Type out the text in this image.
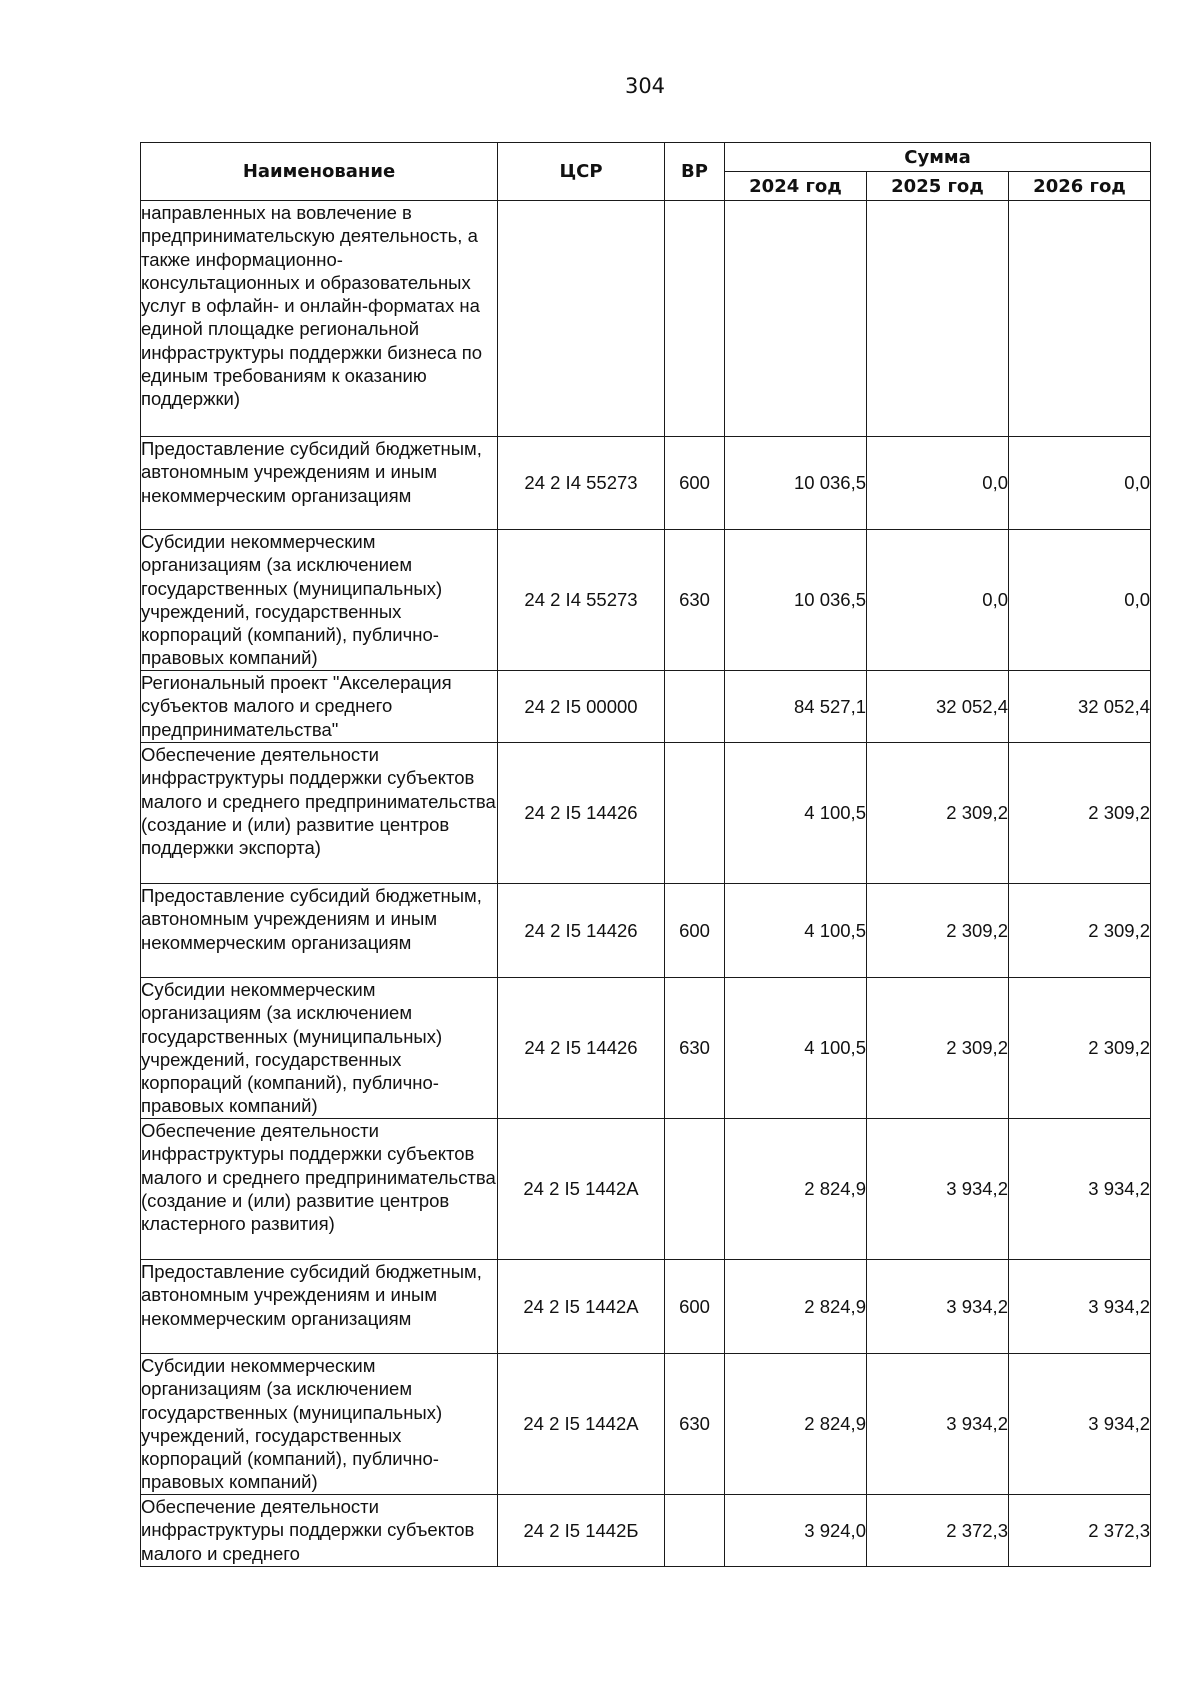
304
Наименование	ЦСР	ВР	Сумма		
			2024 год	2025 год	2026 год
направленных на вовлечение в предпринимательскую деятельность, а также информационно-консультационных и образовательных услуг в офлайн- и онлайн-форматах на единой площадке региональной инфраструктуры поддержки бизнеса по единым требованиям к оказанию поддержки)					
Предоставление субсидий бюджетным, автономным учреждениям и иным некоммерческим организациям	24 2 I4 55273	600	10 036,5	0,0	0,0
Субсидии некоммерческим организациям (за исключением государственных (муниципальных) учреждений, государственных корпораций (компаний), публично-правовых компаний)	24 2 I4 55273	630	10 036,5	0,0	0,0
Региональный проект "Акселерация субъектов малого и среднего предпринимательства"	24 2 I5 00000		84 527,1	32 052,4	32 052,4
Обеспечение деятельности инфраструктуры поддержки субъектов малого и среднего предпринимательства (создание и (или) развитие центров поддержки экспорта)	24 2 I5 14426		4 100,5	2 309,2	2 309,2
Предоставление субсидий бюджетным, автономным учреждениям и иным некоммерческим организациям	24 2 I5 14426	600	4 100,5	2 309,2	2 309,2
Субсидии некоммерческим организациям (за исключением государственных (муниципальных) учреждений, государственных корпораций (компаний), публично-правовых компаний)	24 2 I5 14426	630	4 100,5	2 309,2	2 309,2
Обеспечение деятельности инфраструктуры поддержки субъектов малого и среднего предпринимательства (создание и (или) развитие центров кластерного развития)	24 2 I5 1442А		2 824,9	3 934,2	3 934,2
Предоставление субсидий бюджетным, автономным учреждениям и иным некоммерческим организациям	24 2 I5 1442А	600	2 824,9	3 934,2	3 934,2
Субсидии некоммерческим организациям (за исключением государственных (муниципальных) учреждений, государственных корпораций (компаний), публично-правовых компаний)	24 2 I5 1442А	630	2 824,9	3 934,2	3 934,2
Обеспечение деятельности инфраструктуры поддержки субъектов малого и среднего	24 2 I5 1442Б		3 924,0	2 372,3	2 372,3
